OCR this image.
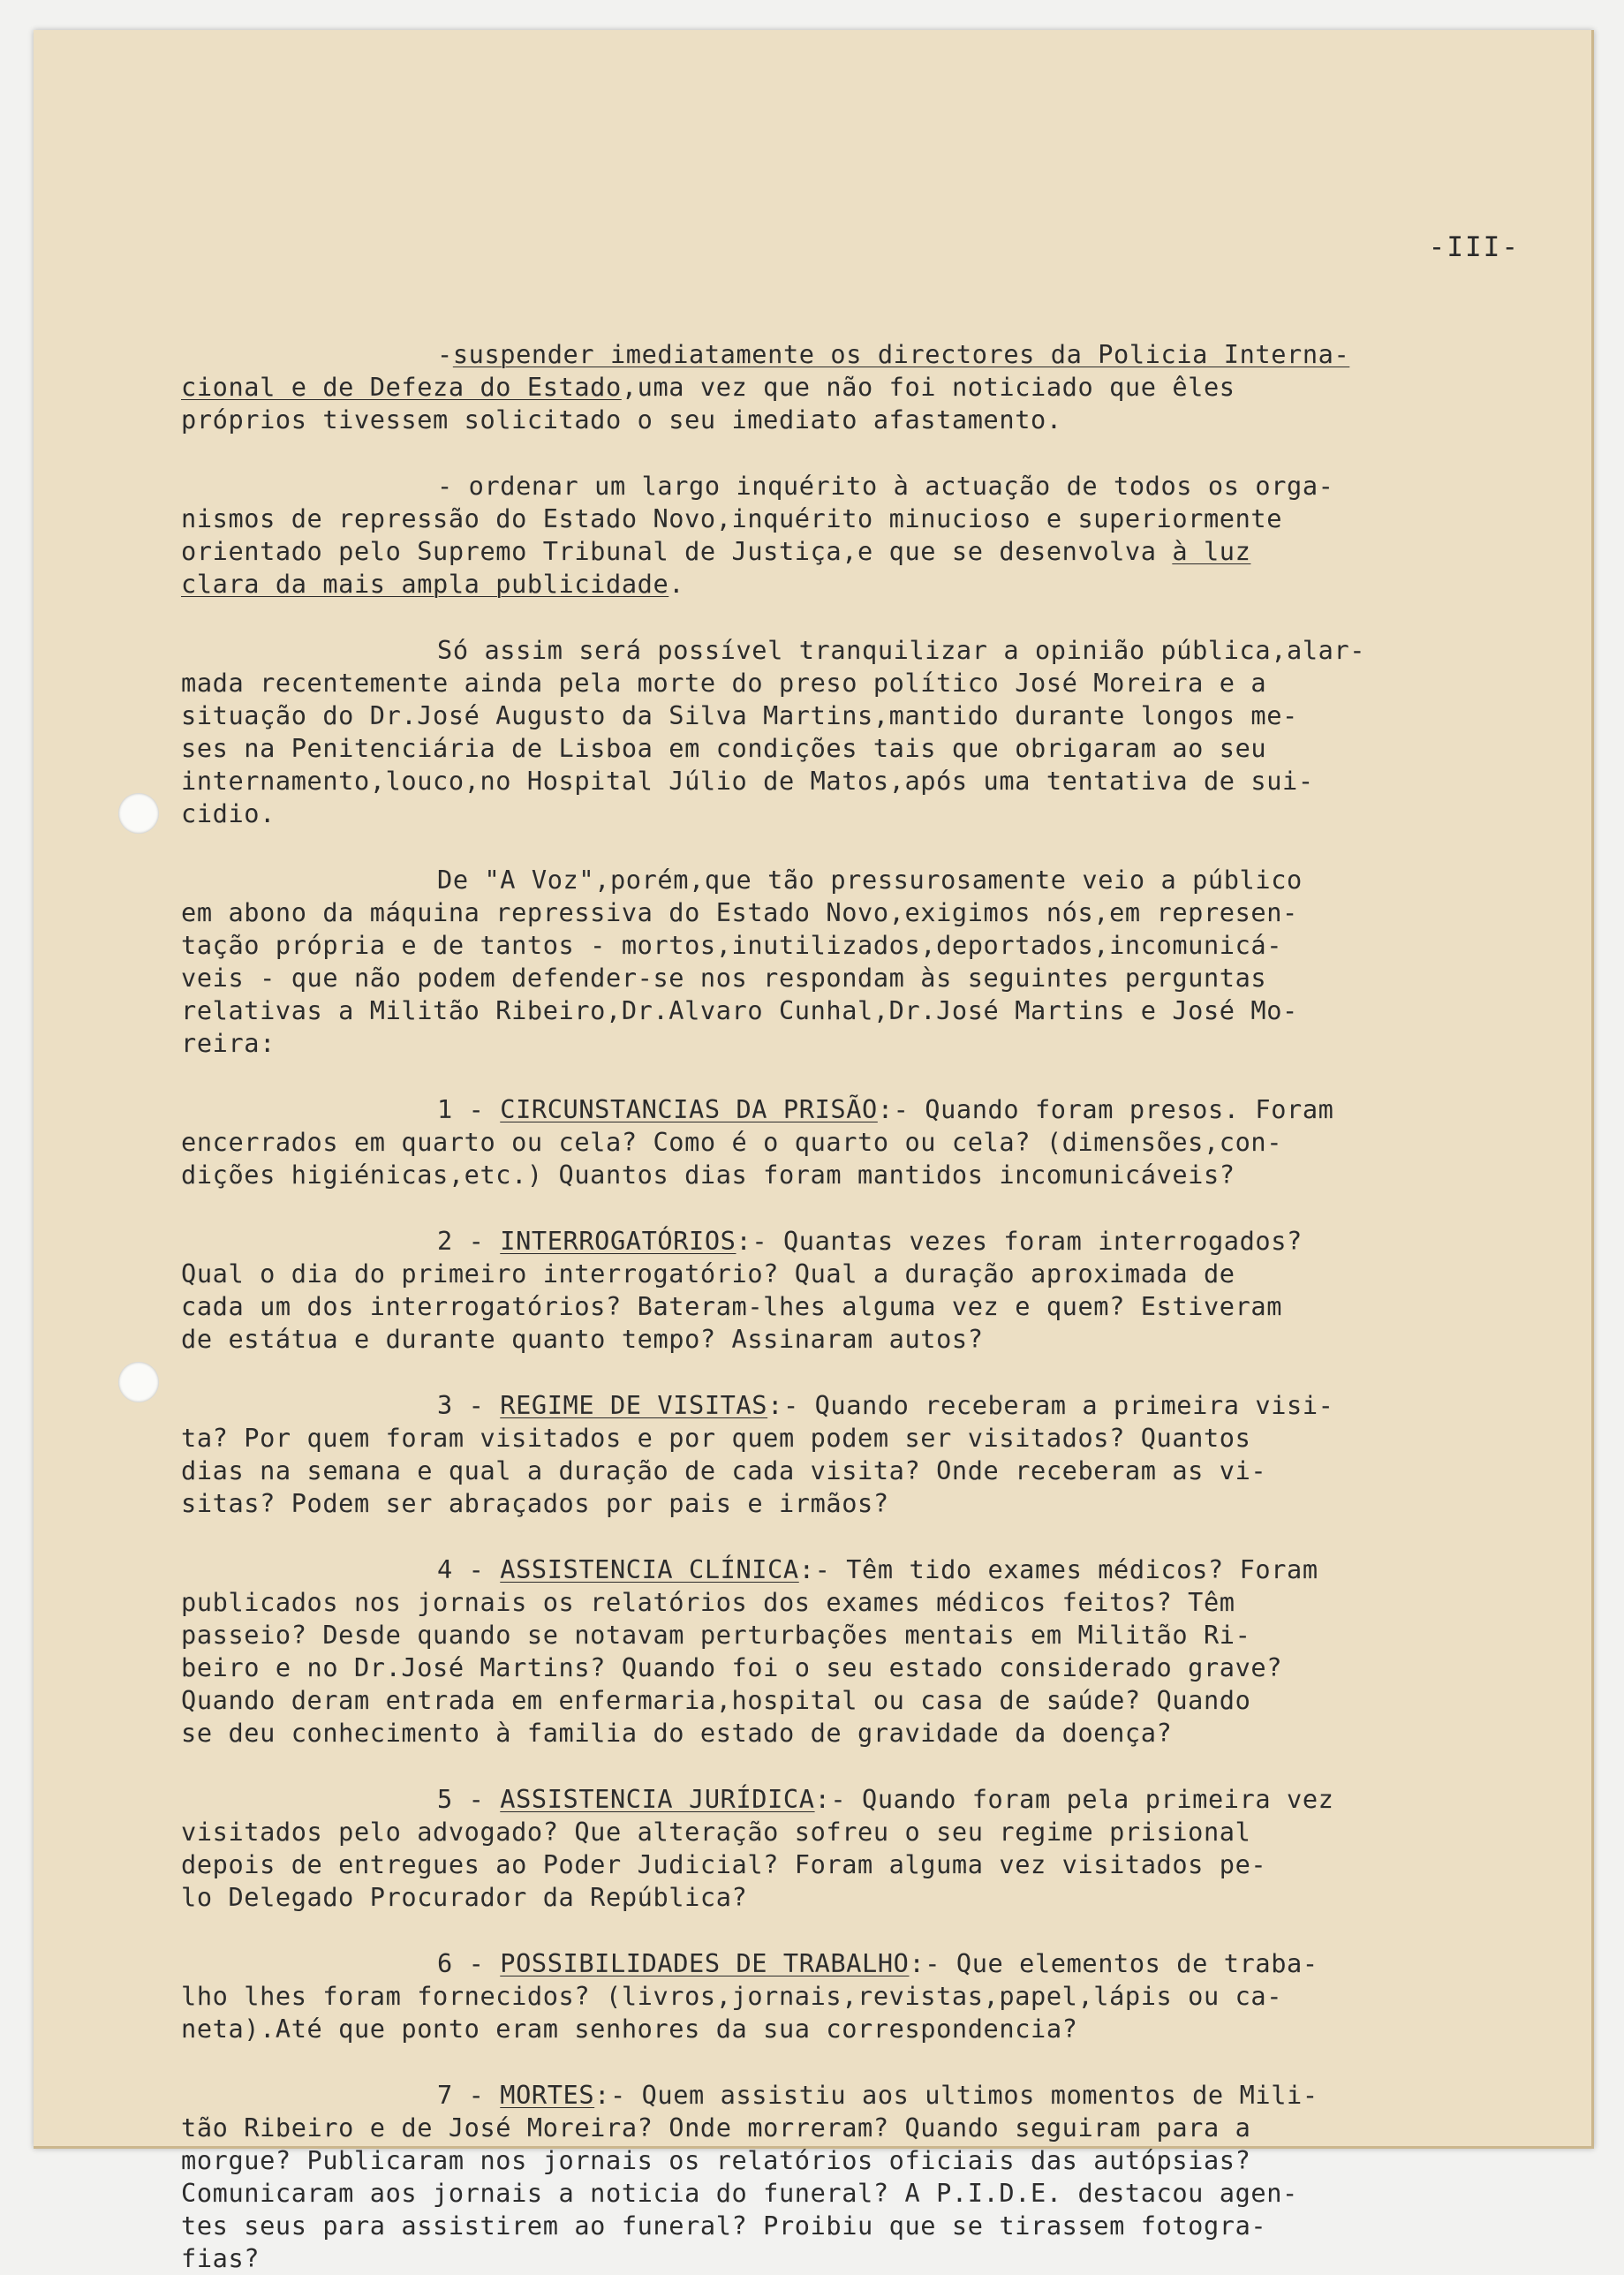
-III-
-suspender imediatamente os directores da Policia Interna-
cional e de Defeza do Estado,uma vez que não foi noticiado que êles
próprios tivessem solicitado o seu imediato afastamento.
- ordenar um largo inquérito à actuação de todos os orga-
nismos de repressão do Estado Novo,inquérito minucioso e superiormente
orientado pelo Supremo Tribunal de Justiça,e que se desenvolva à luz
clara da mais ampla publicidade.
Só assim será possível tranquilizar a opinião pública,alar-
mada recentemente ainda pela morte do preso político José Moreira e a
situação do Dr.José Augusto da Silva Martins,mantido durante longos me-
ses na Penitenciária de Lisboa em condições tais que obrigaram ao seu
internamento,louco,no Hospital Júlio de Matos,após uma tentativa de sui-
cidio.
De "A Voz",porém,que tão pressurosamente veio a público
em abono da máquina repressiva do Estado Novo,exigimos nós,em represen-
tação própria e de tantos - mortos,inutilizados,deportados,incomunicá-
veis - que não podem defender-se nos respondam às seguintes perguntas
relativas a Militão Ribeiro,Dr.Alvaro Cunhal,Dr.José Martins e José Mo-
reira:
1 - CIRCUNSTANCIAS DA PRISÃO:- Quando foram presos. Foram
encerrados em quarto ou cela? Como é o quarto ou cela? (dimensões,con-
dições higiénicas,etc.) Quantos dias foram mantidos incomunicáveis?
2 - INTERROGATÓRIOS:- Quantas vezes foram interrogados?
Qual o dia do primeiro interrogatório? Qual a duração aproximada de
cada um dos interrogatórios? Bateram-lhes alguma vez e quem? Estiveram
de estátua e durante quanto tempo? Assinaram autos?
3 - REGIME DE VISITAS:- Quando receberam a primeira visi-
ta? Por quem foram visitados e por quem podem ser visitados? Quantos
dias na semana e qual a duração de cada visita? Onde receberam as vi-
sitas? Podem ser abraçados por pais e irmãos?
4 - ASSISTENCIA CLÍNICA:- Têm tido exames médicos? Foram
publicados nos jornais os relatórios dos exames médicos feitos? Têm
passeio? Desde quando se notavam perturbações mentais em Militão Ri-
beiro e no Dr.José Martins? Quando foi o seu estado considerado grave?
Quando deram entrada em enfermaria,hospital ou casa de saúde? Quando
se deu conhecimento à familia do estado de gravidade da doença?
5 - ASSISTENCIA JURÍDICA:- Quando foram pela primeira vez
visitados pelo advogado? Que alteração sofreu o seu regime prisional
depois de entregues ao Poder Judicial? Foram alguma vez visitados pe-
lo Delegado Procurador da República?
6 - POSSIBILIDADES DE TRABALHO:- Que elementos de traba-
lho lhes foram fornecidos? (livros,jornais,revistas,papel,lápis ou ca-
neta).Até que ponto eram senhores da sua correspondencia?
7 - MORTES:- Quem assistiu aos ultimos momentos de Mili-
tão Ribeiro e de José Moreira? Onde morreram? Quando seguiram para a
morgue? Publicaram nos jornais os relatórios oficiais das autópsias?
Comunicaram aos jornais a noticia do funeral? A P.I.D.E. destacou agen-
tes seus para assistirem ao funeral? Proibiu que se tirassem fotogra-
fias?
